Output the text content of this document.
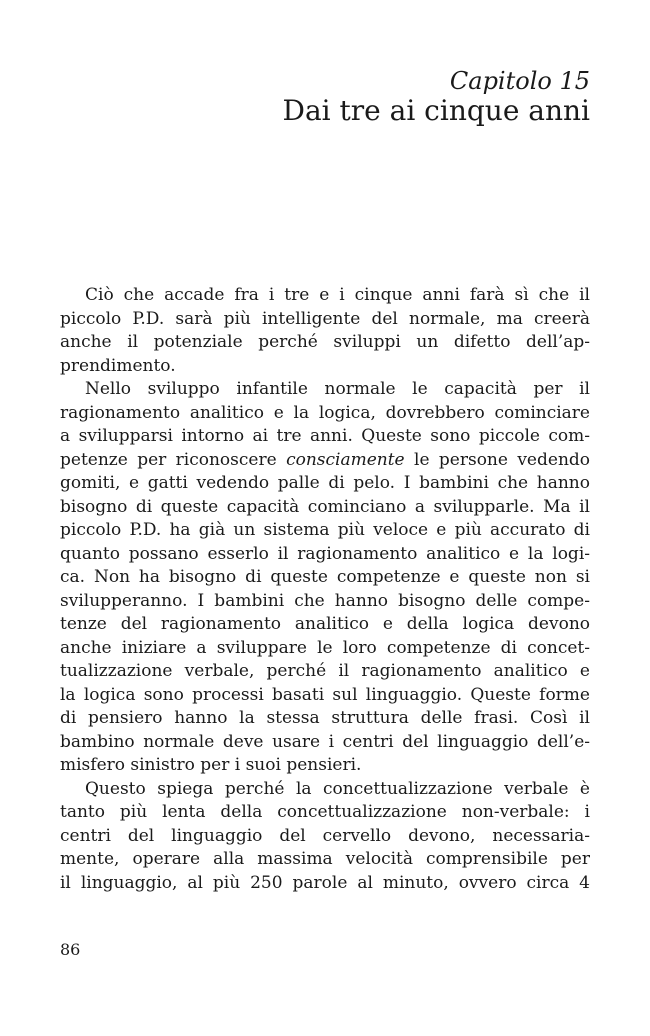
Capitolo 15
Dai tre ai cinque anni
Ciò che accade fra i tre e i cinque anni farà sì che il
piccolo P.D. sarà più intelligente del normale, ma creerà
anche il potenziale perché sviluppi un difetto dell’ap-
prendimento.
Nello sviluppo infantile normale le capacità per il
ragionamento analitico e la logica, dovrebbero cominciare
a svilupparsi intorno ai tre anni. Queste sono piccole com-
petenze per riconoscere consciamente le persone vedendo
gomiti, e gatti vedendo palle di pelo. I bambini che hanno
bisogno di queste capacità cominciano a svilupparle. Ma il
piccolo P.D. ha già un sistema più veloce e più accurato di
quanto possano esserlo il ragionamento analitico e la logi-
ca. Non ha bisogno di queste competenze e queste non si
svilupperanno. I bambini che hanno bisogno delle compe-
tenze del ragionamento analitico e della logica devono
anche iniziare a sviluppare le loro competenze di concet-
tualizzazione verbale, perché il ragionamento analitico e
la logica sono processi basati sul linguaggio. Queste forme
di pensiero hanno la stessa struttura delle frasi. Così il
bambino normale deve usare i centri del linguaggio dell’e-
misfero sinistro per i suoi pensieri.
Questo spiega perché la concettualizzazione verbale è
tanto più lenta della concettualizzazione non-verbale: i
centri del linguaggio del cervello devono, necessaria-
mente, operare alla massima velocità comprensibile per
il linguaggio, al più 250 parole al minuto, ovvero circa 4
86
